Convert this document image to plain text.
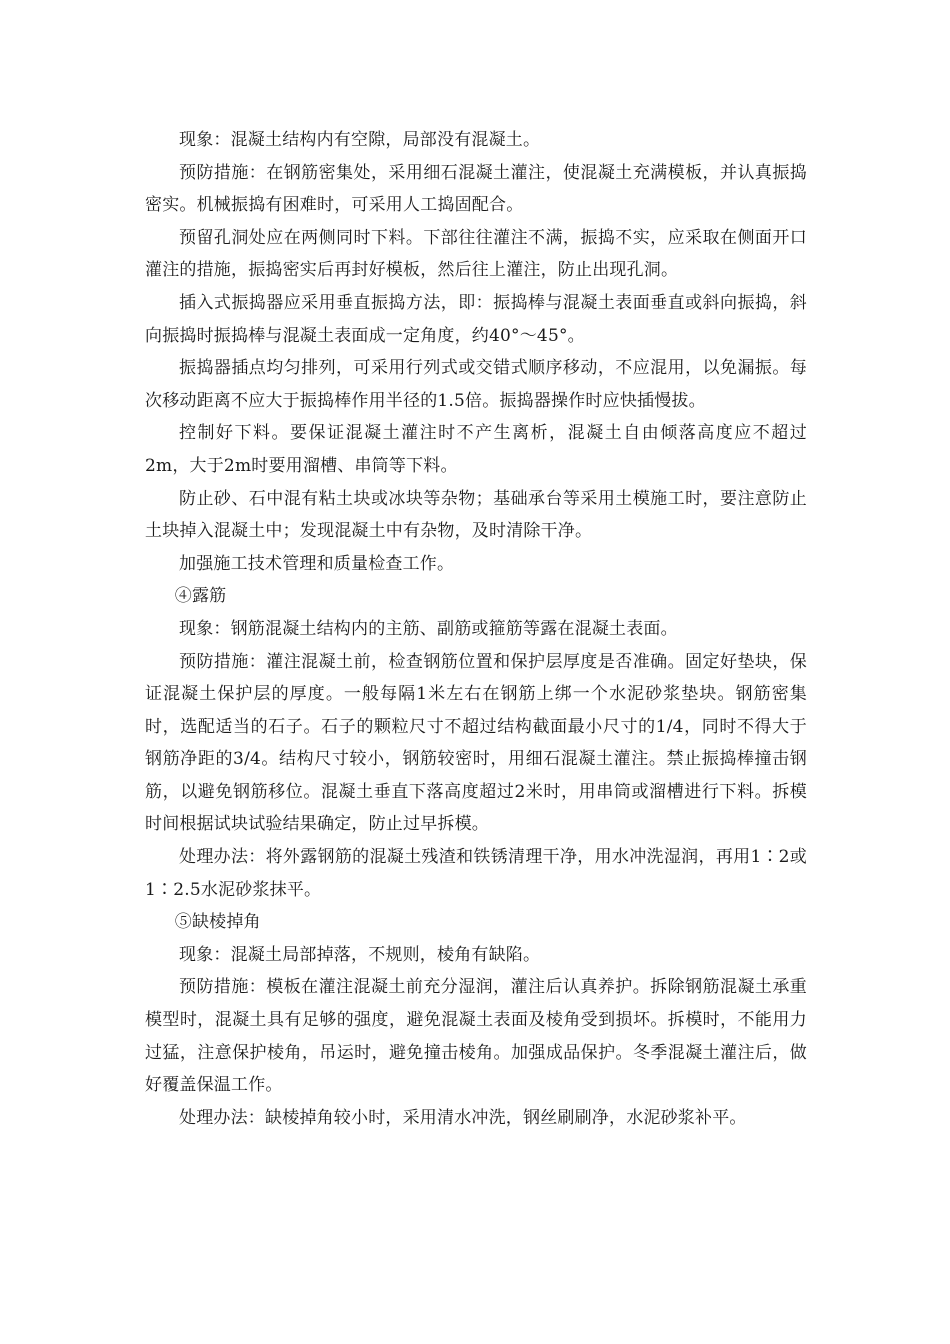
现象：混凝土结构内有空隙，局部没有混凝土。

预防措施：在钢筋密集处，采用细石混凝土灌注，使混凝土充满模板，并认真振捣密实。机械振捣有困难时，可采用人工捣固配合。

预留孔洞处应在两侧同时下料。下部往往灌注不满，振捣不实，应采取在侧面开口灌注的措施，振捣密实后再封好模板，然后往上灌注，防止出现孔洞。

插入式振捣器应采用垂直振捣方法，即：振捣棒与混凝土表面垂直或斜向振捣，斜向振捣时振捣棒与混凝土表面成一定角度，约40°～45°。

振捣器插点均匀排列，可采用行列式或交错式顺序移动，不应混用，以免漏振。每次移动距离不应大于振捣棒作用半径的1.5倍。振捣器操作时应快插慢拔。

控制好下料。要保证混凝土灌注时不产生离析，混凝土自由倾落高度应不超过2m，大于2m时要用溜槽、串筒等下料。

防止砂、石中混有粘土块或冰块等杂物；基础承台等采用土模施工时，要注意防止土块掉入混凝土中；发现混凝土中有杂物，及时清除干净。

加强施工技术管理和质量检查工作。

④露筋

现象：钢筋混凝土结构内的主筋、副筋或箍筋等露在混凝土表面。

预防措施：灌注混凝土前，检查钢筋位置和保护层厚度是否准确。固定好垫块，保证混凝土保护层的厚度。一般每隔1米左右在钢筋上绑一个水泥砂浆垫块。钢筋密集时，选配适当的石子。石子的颗粒尺寸不超过结构截面最小尺寸的1/4，同时不得大于钢筋净距的3/4。结构尺寸较小，钢筋较密时，用细石混凝土灌注。禁止振捣棒撞击钢筋，以避免钢筋移位。混凝土垂直下落高度超过2米时，用串筒或溜槽进行下料。拆模时间根据试块试验结果确定，防止过早拆模。

处理办法：将外露钢筋的混凝土残渣和铁锈清理干净，用水冲洗湿润，再用1∶2或1∶2.5水泥砂浆抹平。

⑤缺棱掉角

现象：混凝土局部掉落，不规则，棱角有缺陷。

预防措施：模板在灌注混凝土前充分湿润，灌注后认真养护。拆除钢筋混凝土承重模型时，混凝土具有足够的强度，避免混凝土表面及棱角受到损坏。拆模时，不能用力过猛，注意保护棱角，吊运时，避免撞击棱角。加强成品保护。冬季混凝土灌注后，做好覆盖保温工作。

处理办法：缺棱掉角较小时，采用清水冲洗，钢丝刷刷净，水泥砂浆补平。
